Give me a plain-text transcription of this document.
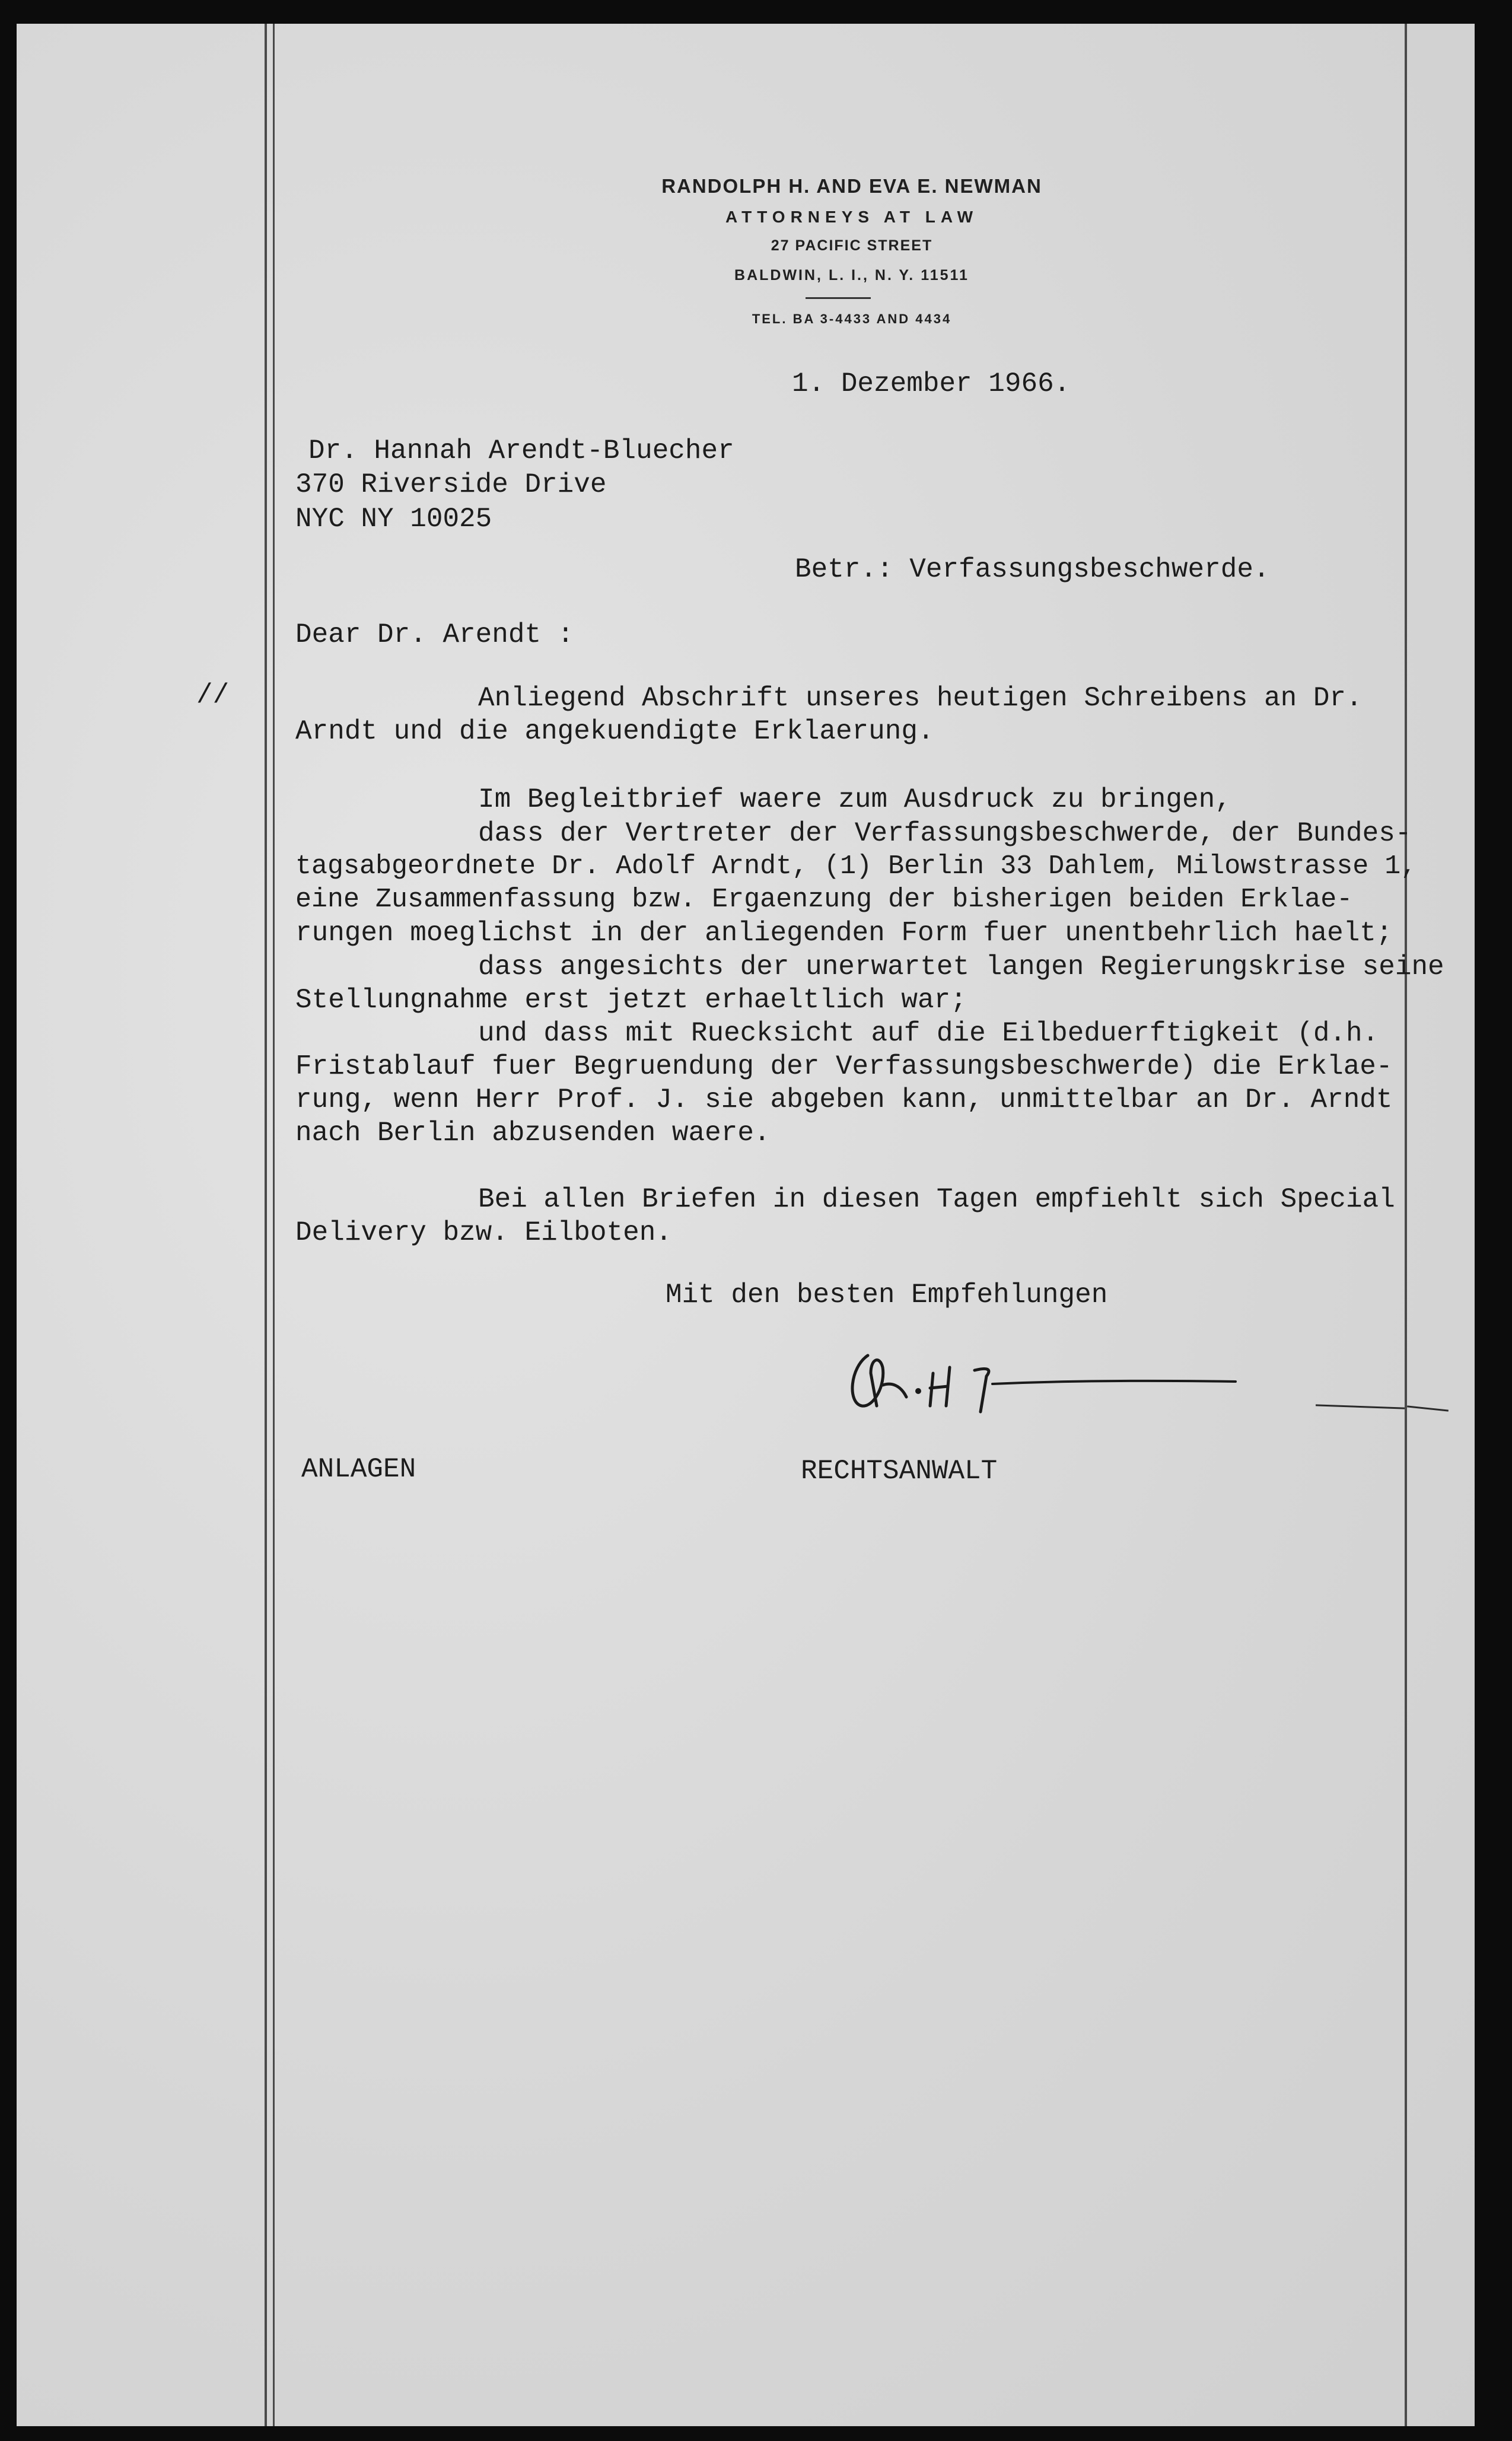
RANDOLPH H. AND EVA E. NEWMAN
ATTORNEYS AT LAW
27 PACIFIC STREET
BALDWIN, L. I., N. Y. 11511
TEL. BA 3-4433 AND 4434
1. Dezember 1966.
Dr. Hannah Arendt-Bluecher
370 Riverside Drive
NYC NY 10025
Betr.: Verfassungsbeschwerde.
Dear Dr. Arendt :
//	Anliegend Abschrift unseres heutigen Schreibens an Dr.
Arndt und die angekuendigte Erklaerung.
Im Begleitbrief waere zum Ausdruck zu bringen,
dass der Vertreter der Verfassungsbeschwerde, der Bundes-
tagsabgeordnete Dr. Adolf Arndt, (1) Berlin 33 Dahlem, Milowstrasse 1,
eine Zusammenfassung bzw. Ergaenzung der bisherigen beiden Erklae-
rungen moeglichst in der anliegenden Form fuer unentbehrlich haelt;
dass angesichts der unerwartet langen Regierungskrise seine
Stellungnahme erst jetzt erhaeltlich war;
und dass mit Ruecksicht auf die Eilbeduerftigkeit (d.h.
Fristablauf fuer Begruendung der Verfassungsbeschwerde) die Erklae-
rung, wenn Herr Prof. J. sie abgeben kann, unmittelbar an Dr. Arndt
nach Berlin abzusenden waere.
Bei allen Briefen in diesen Tagen empfiehlt sich Special
Delivery bzw. Eilboten.
Mit den besten Empfehlungen
ANLAGEN	RECHTSANWALT
